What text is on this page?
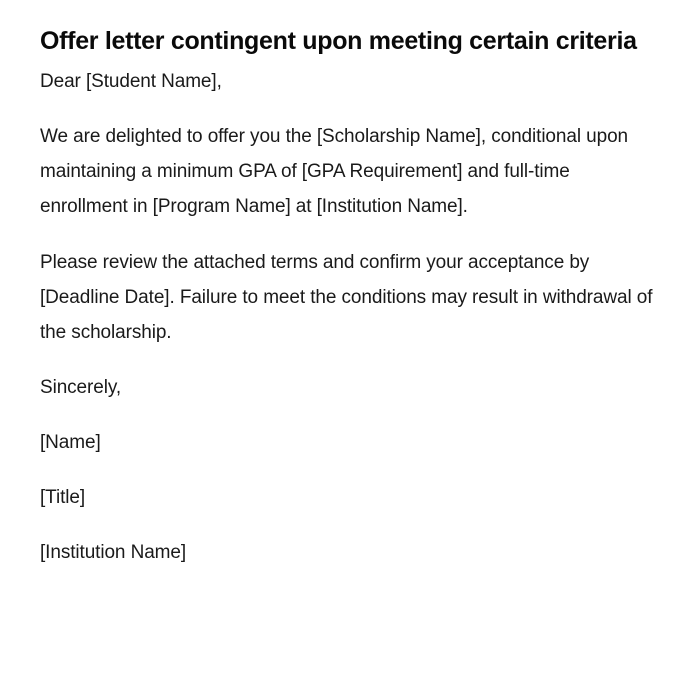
Offer letter contingent upon meeting certain criteria

Dear [Student Name],

We are delighted to offer you the [Scholarship Name], conditional upon maintaining a minimum GPA of [GPA Requirement] and full-time enrollment in [Program Name] at [Institution Name].

Please review the attached terms and confirm your acceptance by [Deadline Date]. Failure to meet the conditions may result in withdrawal of the scholarship.

Sincerely,

[Name]

[Title]

[Institution Name]
